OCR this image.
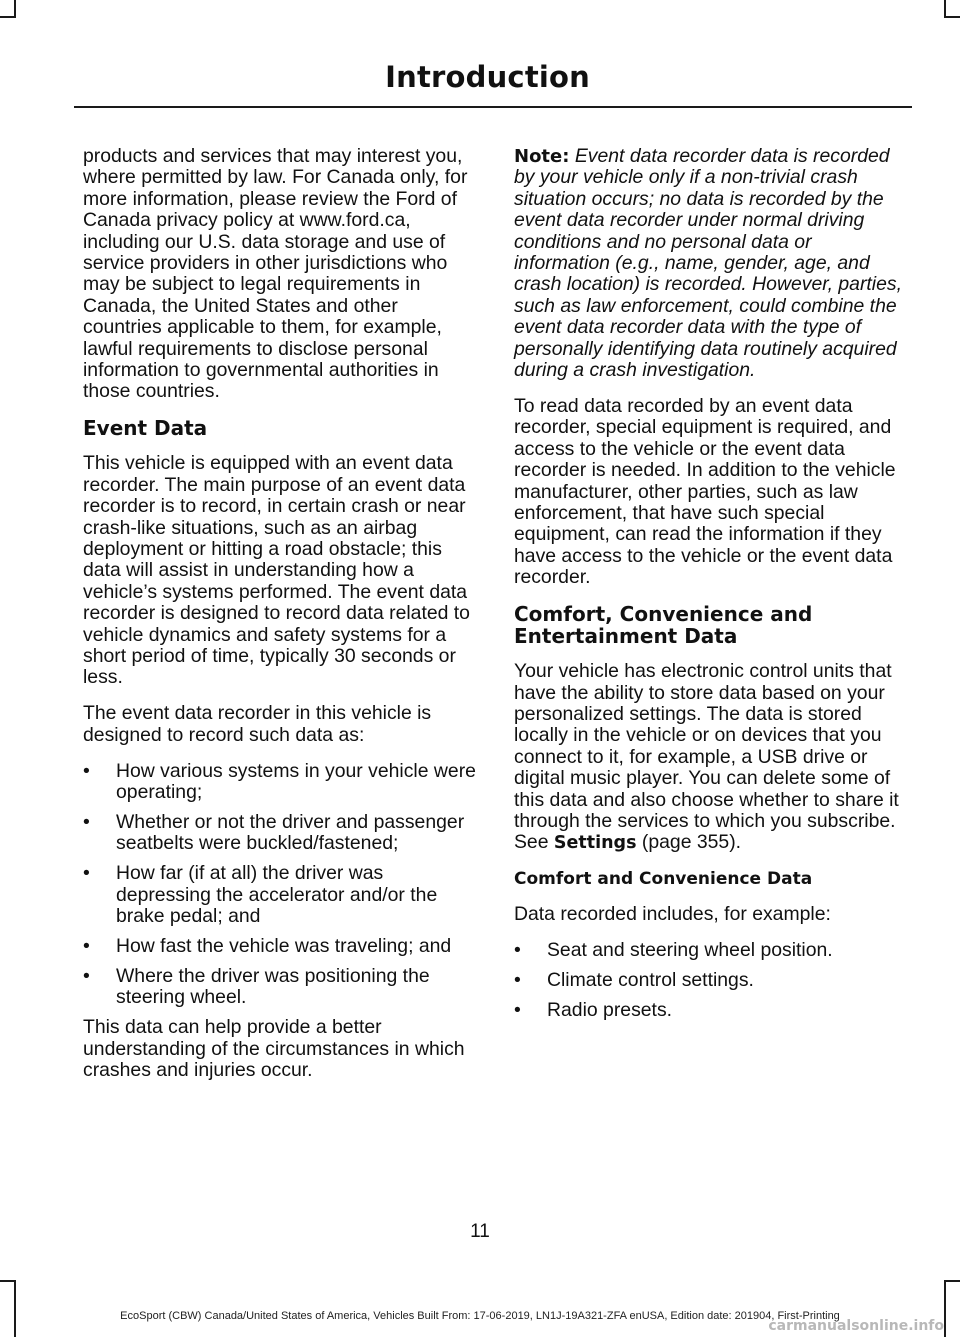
Introduction

products and services that may interest you, where permitted by law. For Canada only, for more information, please review the Ford of Canada privacy policy at www.ford.ca, including our U.S. data storage and use of service providers in other jurisdictions who may be subject to legal requirements in Canada, the United States and other countries applicable to them, for example, lawful requirements to disclose personal information to governmental authorities in those countries.

Event Data

This vehicle is equipped with an event data recorder. The main purpose of an event data recorder is to record, in certain crash or near crash-like situations, such as an airbag deployment or hitting a road obstacle; this data will assist in understanding how a vehicle’s systems performed. The event data recorder is designed to record data related to vehicle dynamics and safety systems for a short period of time, typically 30 seconds or less.

The event data recorder in this vehicle is designed to record such data as:

• How various systems in your vehicle were operating;
• Whether or not the driver and passenger seatbelts were buckled/fastened;
• How far (if at all) the driver was depressing the accelerator and/or the brake pedal; and
• How fast the vehicle was traveling; and
• Where the driver was positioning the steering wheel.

This data can help provide a better understanding of the circumstances in which crashes and injuries occur.

Note: Event data recorder data is recorded by your vehicle only if a non-trivial crash situation occurs; no data is recorded by the event data recorder under normal driving conditions and no personal data or information (e.g., name, gender, age, and crash location) is recorded. However, parties, such as law enforcement, could combine the event data recorder data with the type of personally identifying data routinely acquired during a crash investigation.

To read data recorded by an event data recorder, special equipment is required, and access to the vehicle or the event data recorder is needed. In addition to the vehicle manufacturer, other parties, such as law enforcement, that have such special equipment, can read the information if they have access to the vehicle or the event data recorder.

Comfort, Convenience and Entertainment Data

Your vehicle has electronic control units that have the ability to store data based on your personalized settings. The data is stored locally in the vehicle or on devices that you connect to it, for example, a USB drive or digital music player. You can delete some of this data and also choose whether to share it through the services to which you subscribe. See Settings (page 355).

Comfort and Convenience Data

Data recorded includes, for example:

• Seat and steering wheel position.
• Climate control settings.
• Radio presets.
11
EcoSport (CBW) Canada/United States of America, Vehicles Built From: 17-06-2019, LN1J-19A321-ZFA enUSA, Edition date: 201904, First-Printing
carmanualsonline.info
